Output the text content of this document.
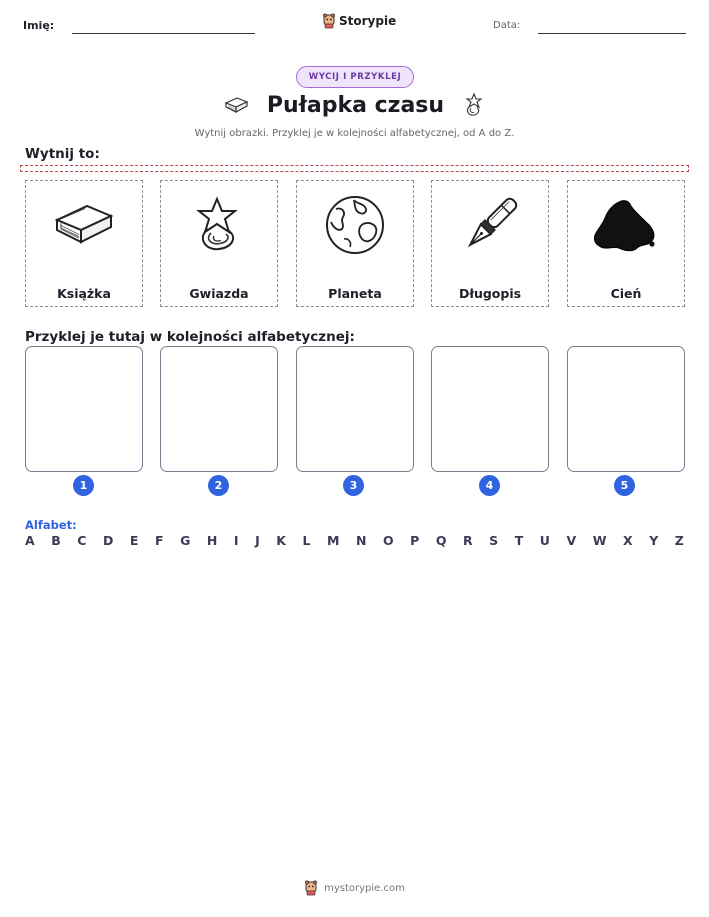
Imię:	Storypie	Data:
WYCIJ I PRZYKLEJ
Pułapka czasu
Wytnij obrazki. Przyklej je w kolejności alfabetycznej, od A do Z.
Wytnij to:
Książka	Gwiazda	Planeta	Długopis	Cień
Przyklej je tutaj w kolejności alfabetycznej:
1	2	3	4	5
Alfabet:
A B C D E F G H I J K L M N O P Q R S T U V W X Y Z
mystorypie.com
